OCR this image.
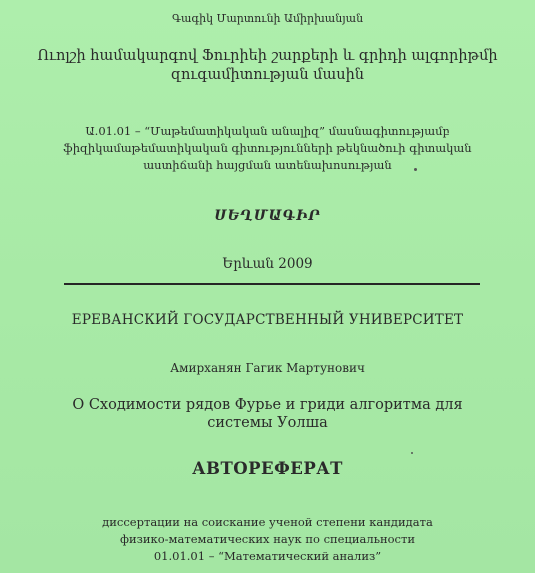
Գագիկ Մարտունի Ամիրխանյան

Ուոլշի համակարգով Ֆուրիեի շարքերի և գրիդի ալգորիթմի

զուգամիտության մասին

Ա.01.01 – “Մաթեմատիկական անալիզ” մասնագիտությամբ

ֆիզիկամաթեմատիկական գիտությունների թեկնածուի գիտական

աստիճանի հայցման ատենախոսության

ՍԵՂՄԱԳԻՐ

Երևան 2009

ЕРЕВАНСКИЙ ГОСУДАРСТВЕННЫЙ УНИВЕРСИТЕТ

Амирханян Гагик Мартунович

О Сходимости рядов Фурье и гриди алгоритма для

системы Уолша

АВТОРЕФЕРАТ

диссертации на соискание ученой степени кандидата

физико-математических наук по специальности

01.01.01 – “Математический анализ”
